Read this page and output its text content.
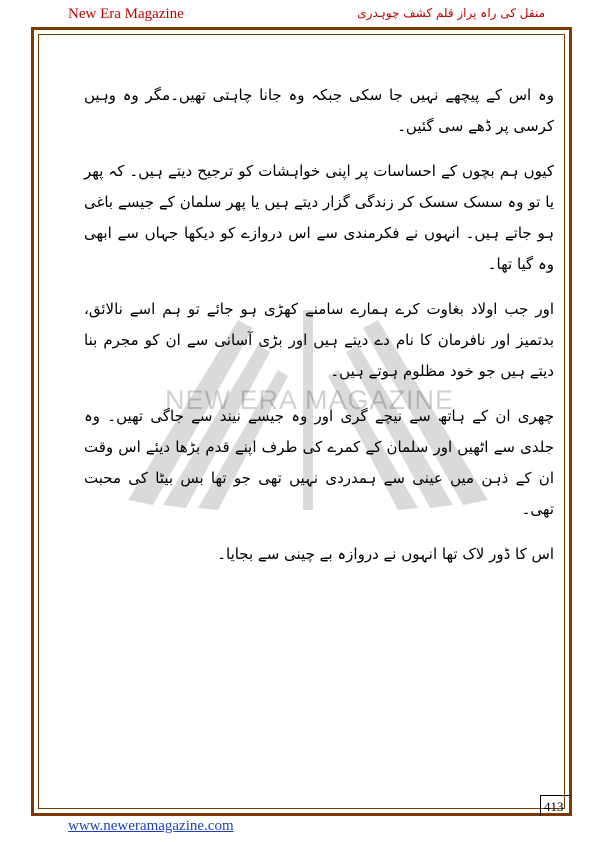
New Era Magazine	منقل کی راہ پراز قلم کشف چوہدری
NEW ERA MAGAZINE

وہ اس کے پیچھے نہیں جا سکی جبکہ وہ جانا چاہتی تھیں۔مگر وہ وہیں کرسی پر ڈھے سی گئیں۔

کیوں ہم بچوں کے احساسات پر اپنی خواہشات کو ترجیح دیتے ہیں۔ کہ پھر یا تو وہ سسک سسک کر زندگی گزار دیتے ہیں یا پھر سلمان کے جیسے باغی ہو جاتے ہیں۔ انہوں نے فکرمندی سے اس دروازے کو دیکھا جہاں سے ابھی وہ گیا تھا۔

اور جب اولاد بغاوت کرے ہمارے سامنے کھڑی ہو جائے تو ہم اسے نالائق، بدتمیز اور نافرمان کا نام دے دیتے ہیں اور بڑی آسانی سے ان کو مجرم بنا دیتے ہیں جو خود مظلوم ہوتے ہیں۔

چھری ان کے ہاتھ سے نیچے گری اور وہ جیسے نیند سے جاگی تھیں۔ وہ جلدی سے اٹھیں اور سلمان کے کمرے کی طرف اپنے قدم بڑھا دیئے اس وقت ان کے ذہن میں عینی سے ہمدردی نہیں تھی جو تھا بس بیٹا کی محبت تھی۔

اس کا ڈور لاک تھا انہوں نے دروازہ بے چینی سے بجایا۔

413
www.neweramagazine.com
